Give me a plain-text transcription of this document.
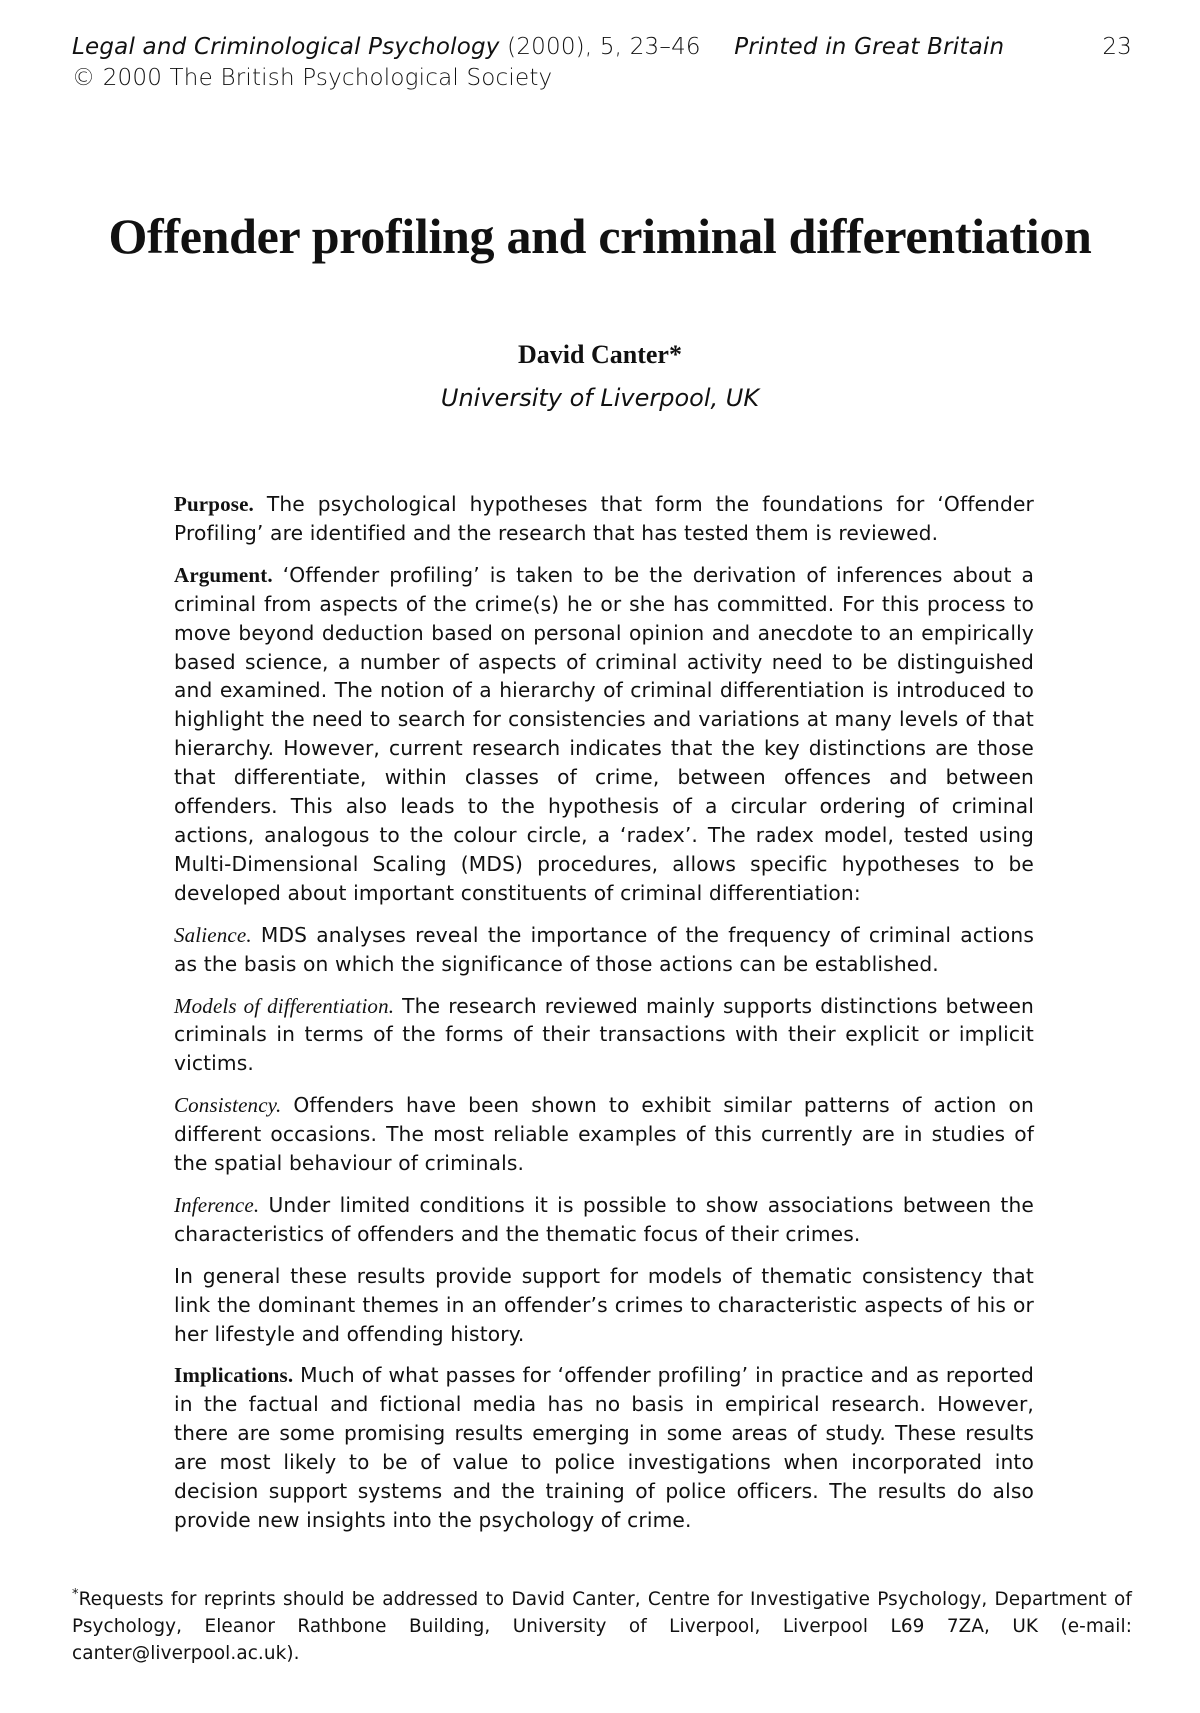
Legal and Criminological Psychology (2000), 5, 23–46 Printed in Great Britain	23
© 2000 The British Psychological Society
Offender profiling and criminal differentiation
David Canter*
University of Liverpool, UK

Purpose. The psychological hypotheses that form the foundations for ‘Offender Profiling’ are identified and the research that has tested them is reviewed.

Argument. ‘Offender profiling’ is taken to be the derivation of inferences about a criminal from aspects of the crime(s) he or she has committed. For this process to move beyond deduction based on personal opinion and anecdote to an empirically based science, a number of aspects of criminal activity need to be distinguished and examined. The notion of a hierarchy of criminal differentiation is introduced to highlight the need to search for consistencies and variations at many levels of that hierarchy. However, current research indicates that the key distinctions are those that differentiate, within classes of crime, between offences and between offenders. This also leads to the hypothesis of a circular ordering of criminal actions, analogous to the colour circle, a ‘radex’. The radex model, tested using Multi-Dimensional Scaling (MDS) procedures, allows specific hypotheses to be developed about important constituents of criminal differentiation:

Salience. MDS analyses reveal the importance of the frequency of criminal actions as the basis on which the significance of those actions can be established.

Models of differentiation. The research reviewed mainly supports distinctions between criminals in terms of the forms of their transactions with their explicit or implicit victims.

Consistency. Offenders have been shown to exhibit similar patterns of action on different occasions. The most reliable examples of this currently are in studies of the spatial behaviour of criminals.

Inference. Under limited conditions it is possible to show associations between the characteristics of offenders and the thematic focus of their crimes.

In general these results provide support for models of thematic consistency that link the dominant themes in an offender’s crimes to characteristic aspects of his or her lifestyle and offending history.

Implications. Much of what passes for ‘offender profiling’ in practice and as reported in the factual and fictional media has no basis in empirical research. However, there are some promising results emerging in some areas of study. These results are most likely to be of value to police investigations when incorporated into decision support systems and the training of police officers. The results do also provide new insights into the psychology of crime.

*Requests for reprints should be addressed to David Canter, Centre for Investigative Psychology, Department of Psychology, Eleanor Rathbone Building, University of Liverpool, Liverpool L69 7ZA, UK (e-mail: canter@liverpool.ac.uk).
